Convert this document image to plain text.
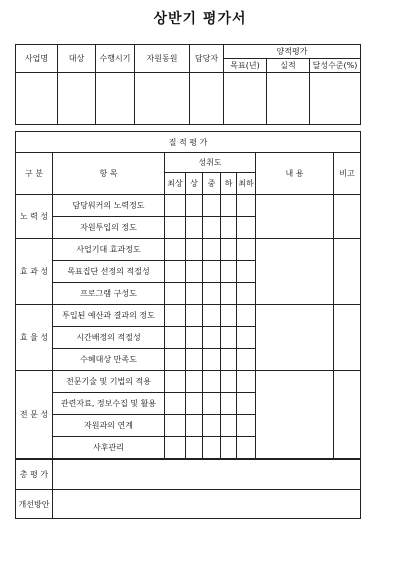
상반기 평가서
사업명	대상	수행시기	자원동원	담당자	양적평가		
					목표(년)	실적	달성수준(%)

질 적 평 가								
구 분	항 목	성취도					내 용	비고
		최상	상	중	하	최하		
노 력 성	담당워커의 노력정도							
	자원투입의 정도							
효 과 성	사업기대 효과정도							
	목표집단 선정의 적절성							
	프로그램 구성도							
효 율 성	투입된 예산과 결과의 정도							
	시간배정의 적절성							
	수혜대상 만족도							
전 문 성	전문기술 및 기법의 적용							
	관련자료, 정보수집 및 활용							
	자원과의 연계							
	사후관리							
총 평 가	
개선방안	
